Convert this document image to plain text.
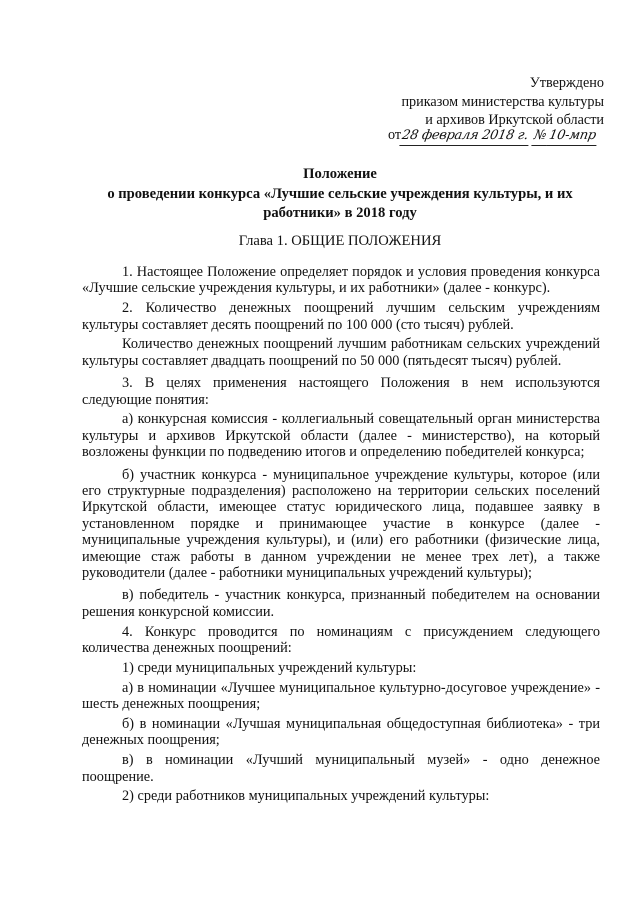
Утверждено
приказом министерства культуры
и архивов Иркутской области
от28 февраля 2018 г. №10-мпр
Положение
о проведении конкурса «Лучшие сельские учреждения культуры, и их
работники» в 2018 году
Глава 1. ОБЩИЕ ПОЛОЖЕНИЯ

1. Настоящее Положение определяет порядок и условия проведения конкурса «Лучшие сельские учреждения культуры, и их работники» (далее - конкурс).

2. Количество денежных поощрений лучшим сельским учреждениям культуры составляет десять поощрений по 100 000 (сто тысяч) рублей.

Количество денежных поощрений лучшим работникам сельских учреждений культуры составляет двадцать поощрений по 50 000 (пятьдесят тысяч) рублей.

3. В целях применения настоящего Положения в нем используются следующие понятия:

а) конкурсная комиссия - коллегиальный совещательный орган министерства культуры и архивов Иркутской области (далее - министерство), на который возложены функции по подведению итогов и определению победителей конкурса;

б) участник конкурса - муниципальное учреждение культуры, которое (или его структурные подразделения) расположено на территории сельских поселений Иркутской области, имеющее статус юридического лица, подавшее заявку в установленном порядке и принимающее участие в конкурсе (далее - муниципальные учреждения культуры), и (или) его работники (физические лица, имеющие стаж работы в данном учреждении не менее трех лет), а также руководители (далее - работники муниципальных учреждений культуры);

в) победитель - участник конкурса, признанный победителем на основании решения конкурсной комиссии.

4. Конкурс проводится по номинациям с присуждением следующего количества денежных поощрений:

1) среди муниципальных учреждений культуры:

а) в номинации «Лучшее муниципальное культурно-досуговое учреждение» - шесть денежных поощрения;

б) в номинации «Лучшая муниципальная общедоступная библиотека» - три денежных поощрения;

в) в номинации «Лучший муниципальный музей» - одно денежное поощрение.

2) среди работников муниципальных учреждений культуры:
